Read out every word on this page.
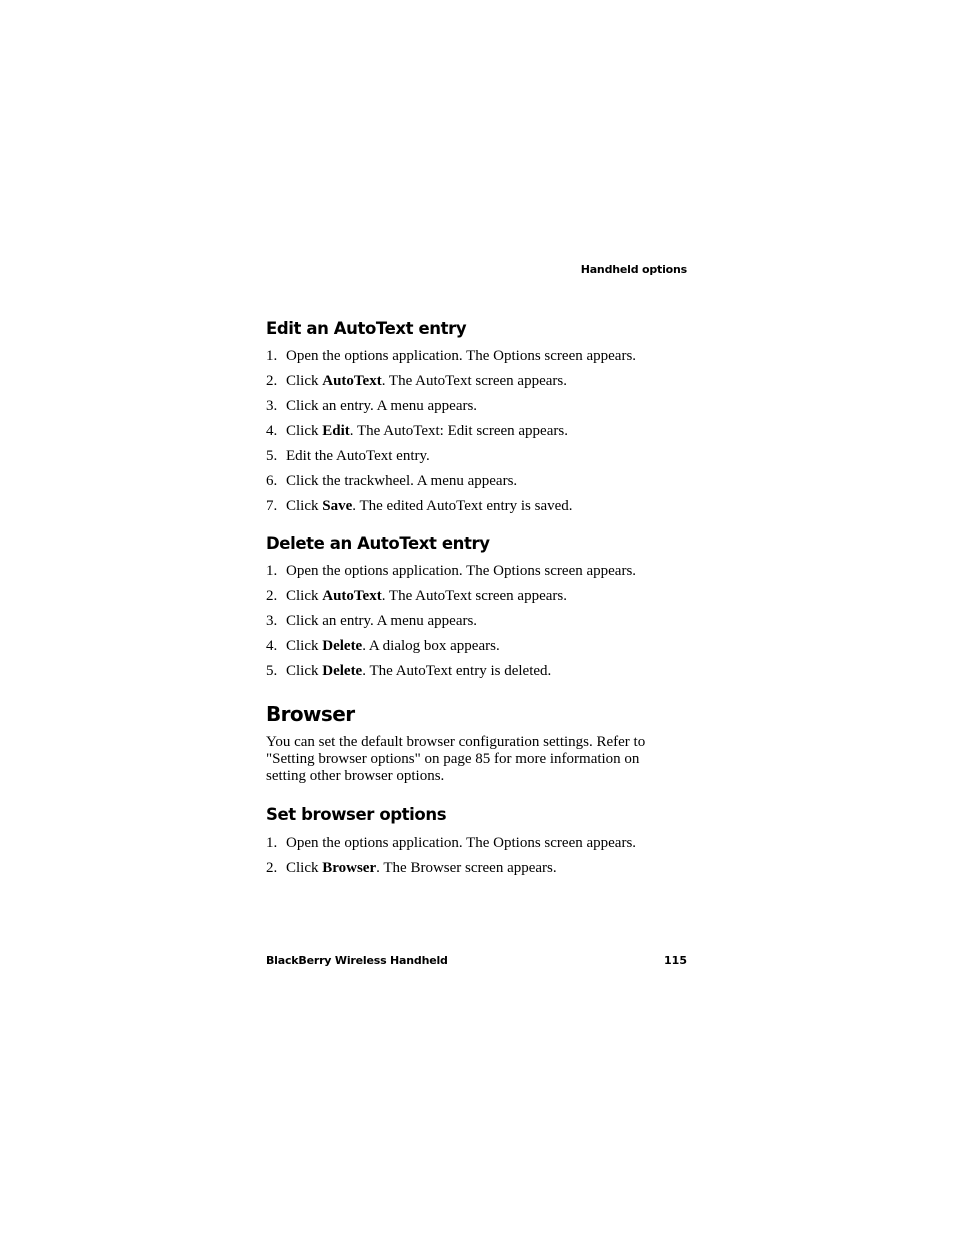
Handheld options
Edit an AutoText entry
1. Open the options application. The Options screen appears.
2. Click AutoText. The AutoText screen appears.
3. Click an entry. A menu appears.
4. Click Edit. The AutoText: Edit screen appears.
5. Edit the AutoText entry.
6. Click the trackwheel. A menu appears.
7. Click Save. The edited AutoText entry is saved.
Delete an AutoText entry
1. Open the options application. The Options screen appears.
2. Click AutoText. The AutoText screen appears.
3. Click an entry. A menu appears.
4. Click Delete. A dialog box appears.
5. Click Delete. The AutoText entry is deleted.
Browser

You can set the default browser configuration settings. Refer to "Setting browser options" on page 85 for more information on setting other browser options.

Set browser options
1. Open the options application. The Options screen appears.
2. Click Browser. The Browser screen appears.
BlackBerry Wireless Handheld	115
